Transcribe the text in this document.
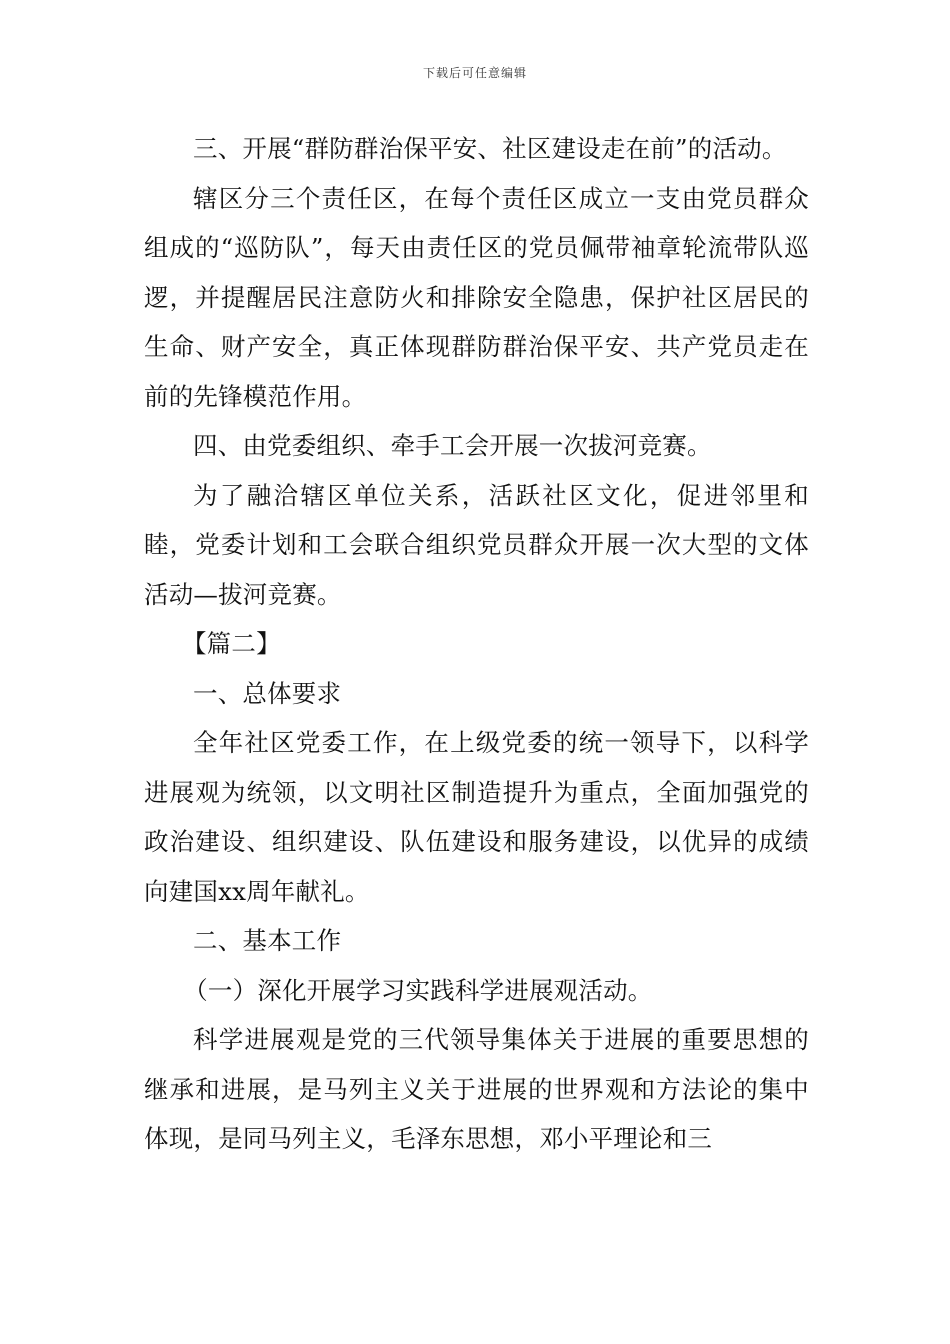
下载后可任意编辑

三、开展“群防群治保平安、社区建设走在前”的活动。

辖区分三个责任区，在每个责任区成立一支由党员群众组成的“巡防队”，每天由责任区的党员佩带袖章轮流带队巡逻，并提醒居民注意防火和排除安全隐患，保护社区居民的生命、财产安全，真正体现群防群治保平安、共产党员走在前的先锋模范作用。

四、由党委组织、牵手工会开展一次拔河竞赛。

为了融洽辖区单位关系，活跃社区文化，促进邻里和睦，党委计划和工会联合组织党员群众开展一次大型的文体活动—拔河竞赛。

【篇二】

一、总体要求

全年社区党委工作，在上级党委的统一领导下，以科学进展观为统领，以文明社区制造提升为重点，全面加强党的政治建设、组织建设、队伍建设和服务建设，以优异的成绩向建国xx周年献礼。

二、基本工作

（一）深化开展学习实践科学进展观活动。

科学进展观是党的三代领导集体关于进展的重要思想的继承和进展，是马列主义关于进展的世界观和方法论的集中体现，是同马列主义，毛泽东思想，邓小平理论和三
